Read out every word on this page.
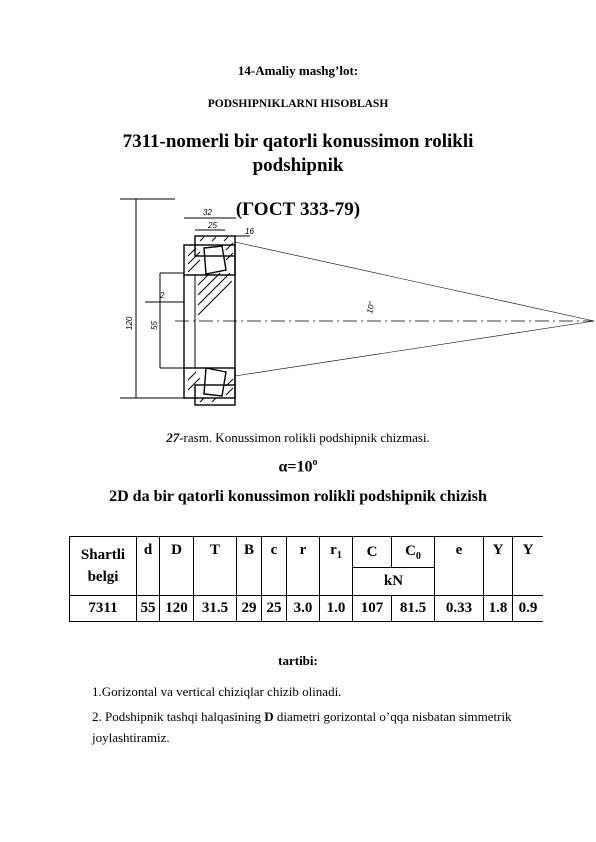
14-Amaliy mashg’lot:
PODSHIPNIKLARNI HISOBLASH
7311-nomerli bir qatorli konussimon rolikli
podshipnik
(ГОСТ 333-79)
32
25
16
2
120 55
10°
27-rasm. Konussimon rolikli podshipnik chizmasi.
$\alpha=10^o$
2D da bir qatorli konussimon rolikli podshipnik chizish
Shartli
belgi	d	D	T	B	c	r	$r_1$	C	$C_0$	e	Y	Y
								kN				
7311	55	120	31.5	29	25	3.0	1.0	107	81.5	0.33	1.8	0.9
tartibi:
1.Gorizontal va vertical chiziqlar chizib olinadi.
2. Podshipnik tashqi halqasining D diametri gorizontal o’qqa nisbatan simmetrik joylashtiramiz.
